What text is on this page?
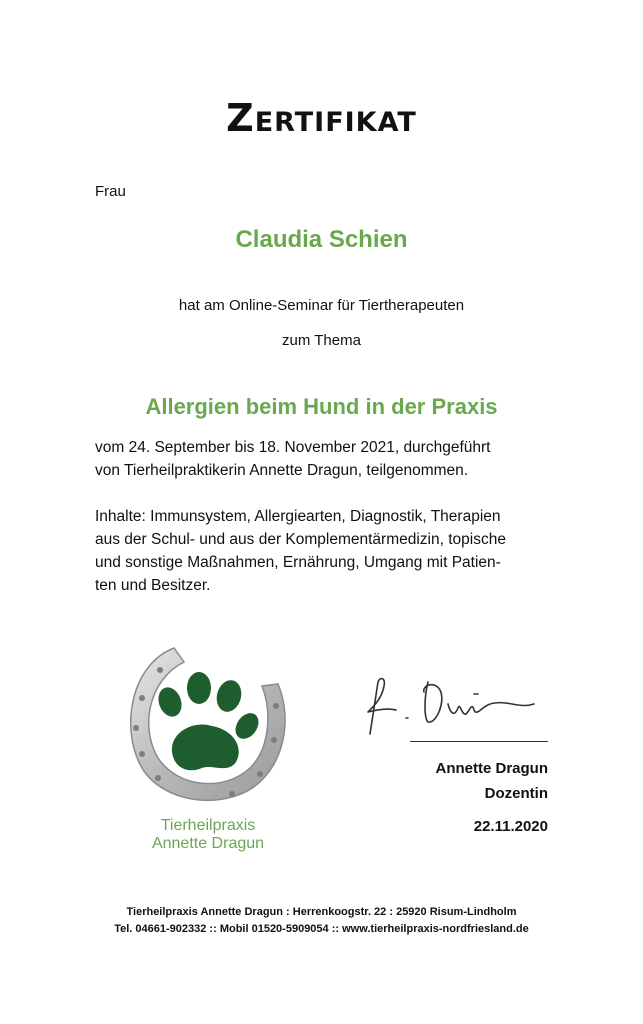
Zertifikat
Frau
Claudia Schien
hat am Online-Seminar für Tiertherapeuten
zum Thema
Allergien beim Hund in der Praxis
vom 24. September bis 18. November 2021, durchgeführt
von Tierheilpraktikerin Annette Dragun, teilgenommen.
Inhalte: Immunsystem, Allergiearten, Diagnostik, Therapien
aus der Schul- und aus der Komplementärmedizin, topische
und sonstige Maßnahmen, Ernährung, Umgang mit Patien-
ten und Besitzer.
Tierheilpraxis
Annette Dragun
Annette Dragun
Dozentin
22.11.2020
Tierheilpraxis Annette Dragun : Herrenkoogstr. 22 : 25920 Risum-Lindholm
Tel. 04661-902332 :: Mobil 01520-5909054 :: www.tierheilpraxis-nordfriesland.de
